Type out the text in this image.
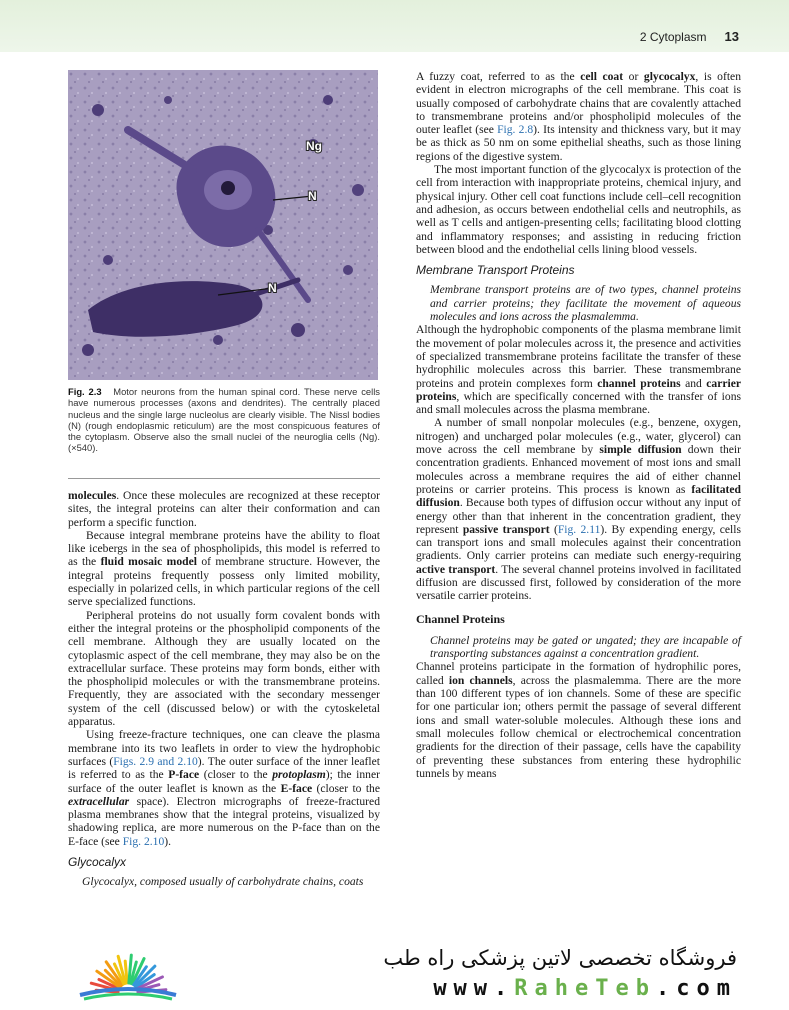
2 Cytoplasm 13
Ng
N
N
Fig. 2.3 Motor neurons from the human spinal cord. These nerve cells have numerous processes (axons and dendrites). The centrally placed nucleus and the single large nucleolus are clearly visible. The Nissl bodies (N) (rough endoplasmic reticulum) are the most conspicuous features of the cytoplasm. Observe also the small nuclei of the neuroglia cells (Ng). (×540).

molecules. Once these molecules are recognized at these receptor sites, the integral proteins can alter their conformation and can perform a specific function.

Because integral membrane proteins have the ability to float like icebergs in the sea of phospholipids, this model is referred to as the fluid mosaic model of membrane structure. However, the integral proteins frequently possess only limited mobility, especially in polarized cells, in which particular regions of the cell serve specialized functions.

Peripheral proteins do not usually form covalent bonds with either the integral proteins or the phospholipid components of the cell membrane. Although they are usually located on the cytoplasmic aspect of the cell membrane, they may also be on the extracellular surface. These proteins may form bonds, either with the phospholipid molecules or with the transmembrane proteins. Frequently, they are associated with the secondary messenger system of the cell (discussed below) or with the cytoskeletal apparatus.

Using freeze-fracture techniques, one can cleave the plasma membrane into its two leaflets in order to view the hydrophobic surfaces (Figs. 2.9 and 2.10). The outer surface of the inner leaflet is referred to as the P-face (closer to the protoplasm); the inner surface of the outer leaflet is known as the E-face (closer to the extracellular space). Electron micrographs of freeze-fractured plasma membranes show that the integral proteins, visualized by shadowing replica, are more numerous on the P-face than on the E-face (see Fig. 2.10).

Glycocalyx

Glycocalyx, composed usually of carbohydrate chains, coats

A fuzzy coat, referred to as the cell coat or glycocalyx, is often evident in electron micrographs of the cell membrane. This coat is usually composed of carbohydrate chains that are covalently attached to transmembrane proteins and/or phospholipid molecules of the outer leaflet (see Fig. 2.8). Its intensity and thickness vary, but it may be as thick as 50 nm on some epithelial sheaths, such as those lining regions of the digestive system.

The most important function of the glycocalyx is protection of the cell from interaction with inappropriate proteins, chemical injury, and physical injury. Other cell coat functions include cell–cell recognition and adhesion, as occurs between endothelial cells and neutrophils, as well as T cells and antigen-presenting cells; facilitating blood clotting and inflammatory responses; and assisting in reducing friction between blood and the endothelial cells lining blood vessels.

Membrane Transport Proteins

Membrane transport proteins are of two types, channel proteins and carrier proteins; they facilitate the movement of aqueous molecules and ions across the plasmalemma.

Although the hydrophobic components of the plasma membrane limit the movement of polar molecules across it, the presence and activities of specialized transmembrane proteins facilitate the transfer of these hydrophilic molecules across this barrier. These transmembrane proteins and protein complexes form channel proteins and carrier proteins, which are specifically concerned with the transfer of ions and small molecules across the plasma membrane.

A number of small nonpolar molecules (e.g., benzene, oxygen, nitrogen) and uncharged polar molecules (e.g., water, glycerol) can move across the cell membrane by simple diffusion down their concentration gradients. Enhanced movement of most ions and small molecules across a membrane requires the aid of either channel proteins or carrier proteins. This process is known as facilitated diffusion. Because both types of diffusion occur without any input of energy other than that inherent in the concentration gradient, they represent passive transport (Fig. 2.11). By expending energy, cells can transport ions and small molecules against their concentration gradients. Only carrier proteins can mediate such energy-requiring active transport. The several channel proteins involved in facilitated diffusion are discussed first, followed by consideration of the more versatile carrier proteins.

Channel Proteins

Channel proteins may be gated or ungated; they are incapable of transporting substances against a concentration gradient.

Channel proteins participate in the formation of hydrophilic pores, called ion channels, across the plasmalemma. There are the more than 100 different types of ion channels. Some of these are specific for one particular ion; others permit the passage of several different ions and small water-soluble molecules. Although these ions and small molecules follow chemical or electrochemical concentration gradients for the direction of their passage, cells have the capability of preventing these substances from entering these hydrophilic tunnels by means

فروشگاه تخصصی لاتین پزشکی راه طب
www.RaheTeb.com
